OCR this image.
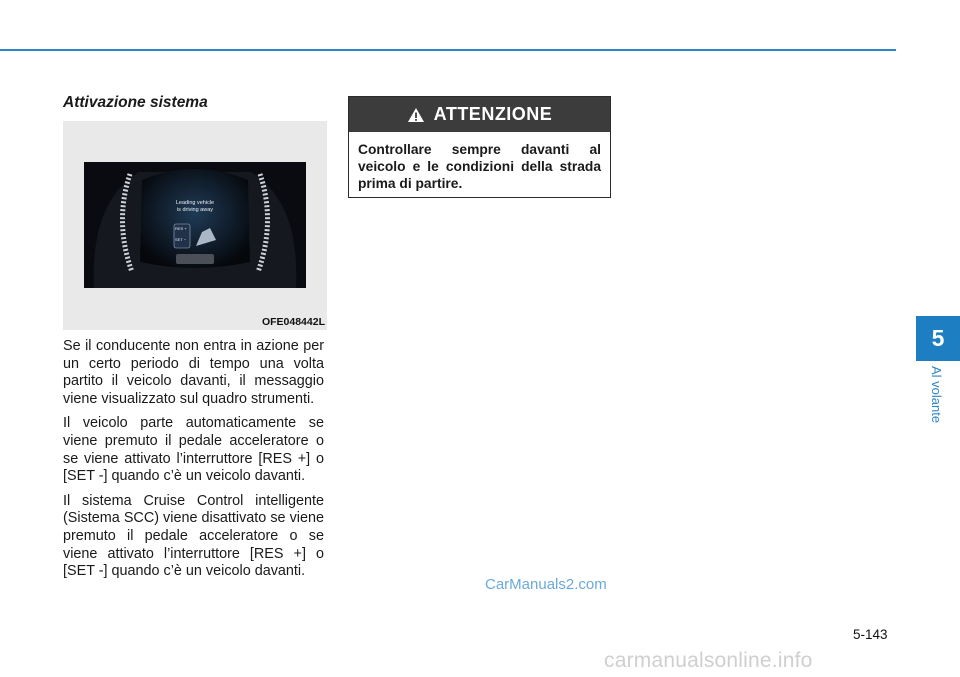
Attivazione sistema
Leading vehicle
is driving away
RES +
SET −
OFE048442L

Se il conducente non entra in azione per un certo periodo di tempo una volta partito il veicolo davanti, il messaggio viene visualizzato sul quadro strumenti.

Il veicolo parte automaticamente se viene premuto il pedale acceleratore o se viene attivato l’interruttore [RES +] o [SET -] quando c’è un veicolo davanti.

Il sistema Cruise Control intelligente (Sistema SCC) viene disattivato se viene premuto il pedale acceleratore o se viene attivato l’interruttore [RES +] o [SET -] quando c’è un veicolo davanti.

ATTENZIONE
Controllare sempre davanti al veicolo e le condizioni della strada prima di partire.
5
Al volante
5-143
CarManuals2.com
carmanualsonline.info
